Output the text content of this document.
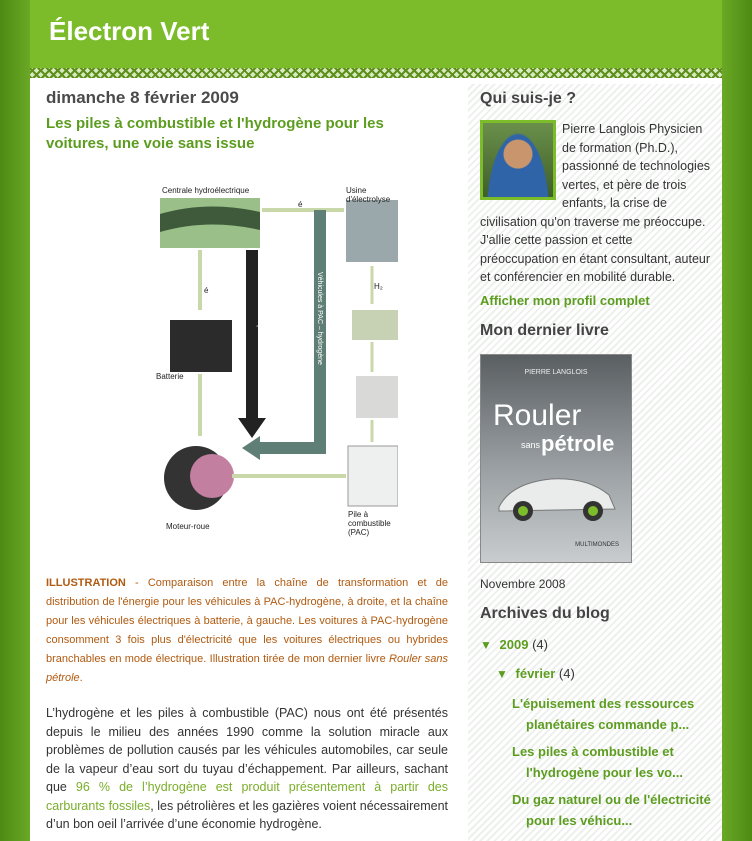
Électron Vert
dimanche 8 février 2009
Les piles à combustible et l'hydrogène pour les voitures, une voie sans issue
Centrale hydroélectrique	Usine d'électrolyse
Batterie
Moteur-roue
Pile à combustible (PAC)
Véhicules électriques	Véhicules à PAC – hydrogène
é
é
H₂

ILLUSTRATION - Comparaison entre la chaîne de transformation et de distribution de l'énergie pour les véhicules à PAC-hydrogène, à droite, et la chaîne pour les véhicules électriques à batterie, à gauche. Les voitures à PAC-hydrogène consomment 3 fois plus d'électricité que les voitures électriques ou hybrides branchables en mode électrique. Illustration tirée de mon dernier livre Rouler sans pétrole.

L’hydrogène et les piles à combustible (PAC) nous ont été présentés depuis le milieu des années 1990 comme la solution miracle aux problèmes de pollution causés par les véhicules automobiles, car seule de la vapeur d’eau sort du tuyau d’échappement. Par ailleurs, sachant que 96 % de l’hydrogène est produit présentement à partir des carburants fossiles, les pétrolières et les gazières voient nécessairement d’un bon oeil l’arrivée d’une économie hydrogène.

Qui suis-je ?
Pierre Langlois Physicien de formation (Ph.D.), passionné de technologies vertes, et père de trois enfants, la crise de civilisation qu'on traverse me préoccupe. J'allie cette passion et cette préoccupation en étant consultant, auteur et conférencier en mobilité durable.
Afficher mon profil complet
Mon dernier livre
PIERRE LANGLOIS
Rouler
sans pétrole
MULTIMONDES
Novembre 2008
Archives du blog
▼ 2009 (4)
▼ février (4)
L'épuisement des ressources planétaires commande p...
Les piles à combustible et l'hydrogène pour les vo...
Du gaz naturel ou de l'électricité pour les véhicu...
